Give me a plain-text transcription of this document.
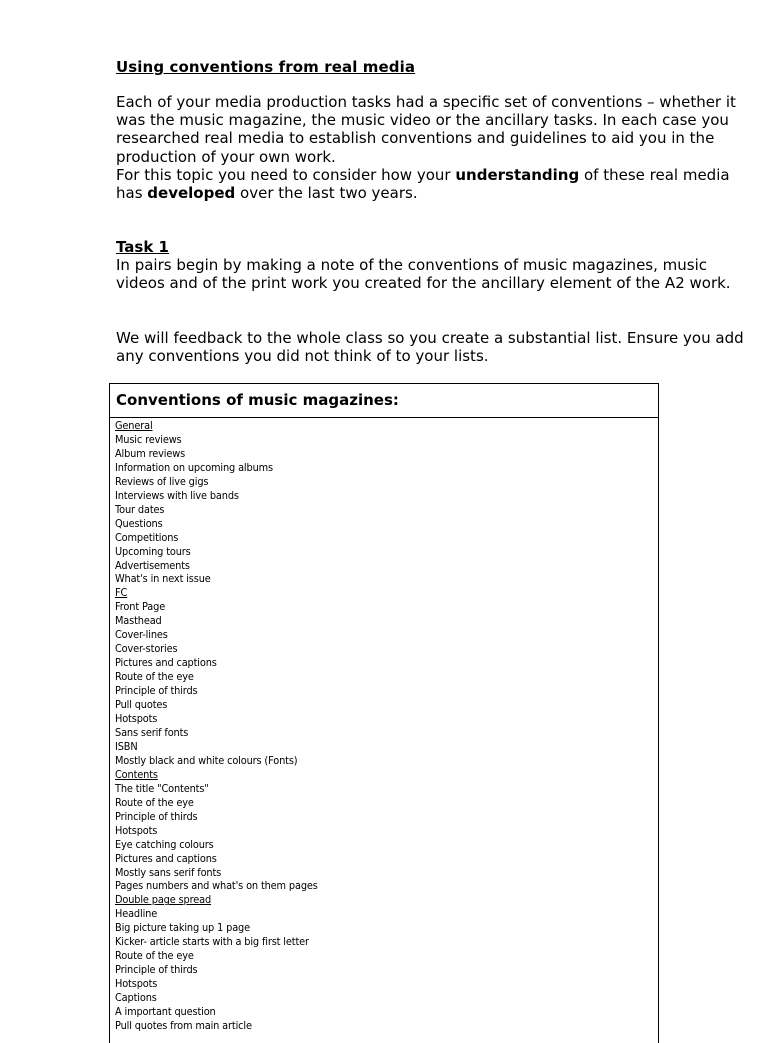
Using conventions from real media
Each of your media production tasks had a specific set of conventions – whether it was the music magazine, the music video or the ancillary tasks. In each case you researched real media to establish conventions and guidelines to aid you in the production of your own work.
For this topic you need to consider how your understanding of these real media has developed over the last two years.
Task 1
In pairs begin by making a note of the conventions of music magazines, music videos and of the print work you created for the ancillary element of the A2 work.
We will feedback to the whole class so you create a substantial list. Ensure you add any conventions you did not think of to your lists.
Conventions of music magazines:
General
Music reviews
Album reviews
Information on upcoming albums
Reviews of live gigs
Interviews with live bands
Tour dates
Questions
Competitions
Upcoming tours
Advertisements
What's in next issue
FC
Front Page
Masthead
Cover-lines
Cover-stories
Pictures and captions
Route of the eye
Principle of thirds
Pull quotes
Hotspots
Sans serif fonts
ISBN
Mostly black and white colours (Fonts)
Contents
The title "Contents"
Route of the eye
Principle of thirds
Hotspots
Eye catching colours
Pictures and captions
Mostly sans serif fonts
Pages numbers and what's on them pages
Double page spread
Headline
Big picture taking up 1 page
Kicker- article starts with a big first letter
Route of the eye
Principle of thirds
Hotspots
Captions
A important question
Pull quotes from main article
